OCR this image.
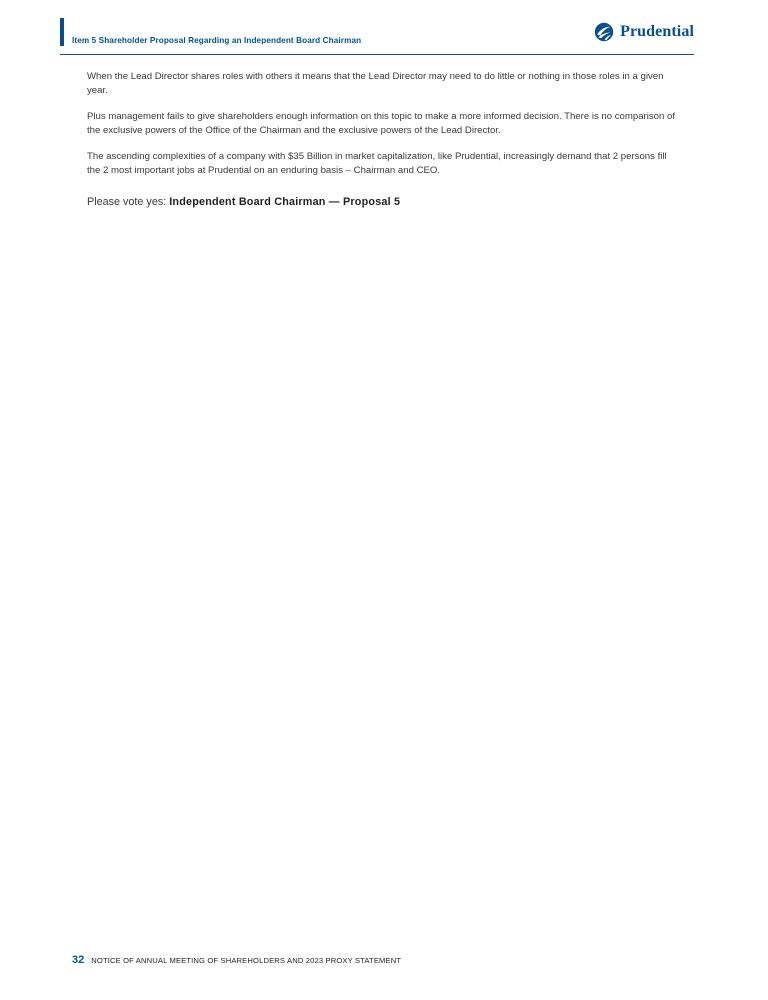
Item 5 Shareholder Proposal Regarding an Independent Board Chairman
Prudential

When the Lead Director shares roles with others it means that the Lead Director may need to do little or nothing in those roles in a given year.

Plus management fails to give shareholders enough information on this topic to make a more informed decision. There is no comparison of the exclusive powers of the Office of the Chairman and the exclusive powers of the Lead Director.

The ascending complexities of a company with $35 Billion in market capitalization, like Prudential, increasingly demand that 2 persons fill the 2 most important jobs at Prudential on an enduring basis – Chairman and CEO.

Please vote yes: Independent Board Chairman — Proposal 5

32 NOTICE OF ANNUAL MEETING OF SHAREHOLDERS AND 2023 PROXY STATEMENT
